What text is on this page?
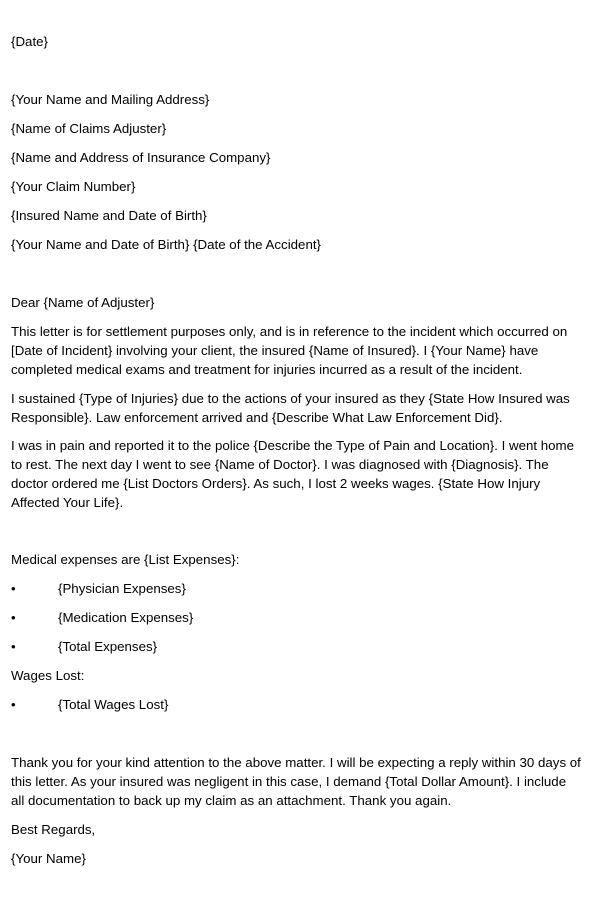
{Date}
{Your Name and Mailing Address}
{Name of Claims Adjuster}
{Name and Address of Insurance Company}
{Your Claim Number}
{Insured Name and Date of Birth}
{Your Name and Date of Birth} {Date of the Accident}
Dear {Name of Adjuster}
This letter is for settlement purposes only, and is in reference to the incident which occurred on [Date of Incident} involving your client, the insured {Name of Insured}. I {Your Name} have completed medical exams and treatment for injuries incurred as a result of the incident.
I sustained {Type of Injuries} due to the actions of your insured as they {State How Insured was Responsible}. Law enforcement arrived and {Describe What Law Enforcement Did}.
I was in pain and reported it to the police {Describe the Type of Pain and Location}. I went home to rest. The next day I went to see {Name of Doctor}. I was diagnosed with {Diagnosis}. The doctor ordered me {List Doctors Orders}. As such, I lost 2 weeks wages. {State How Injury Affected Your Life}.
Medical expenses are {List Expenses}:
•	{Physician Expenses}
•	{Medication Expenses}
•	{Total Expenses}
Wages Lost:
•	{Total Wages Lost}
Thank you for your kind attention to the above matter. I will be expecting a reply within 30 days of this letter. As your insured was negligent in this case, I demand {Total Dollar Amount}. I include all documentation to back up my claim as an attachment. Thank you again.
Best Regards,
{Your Name}
